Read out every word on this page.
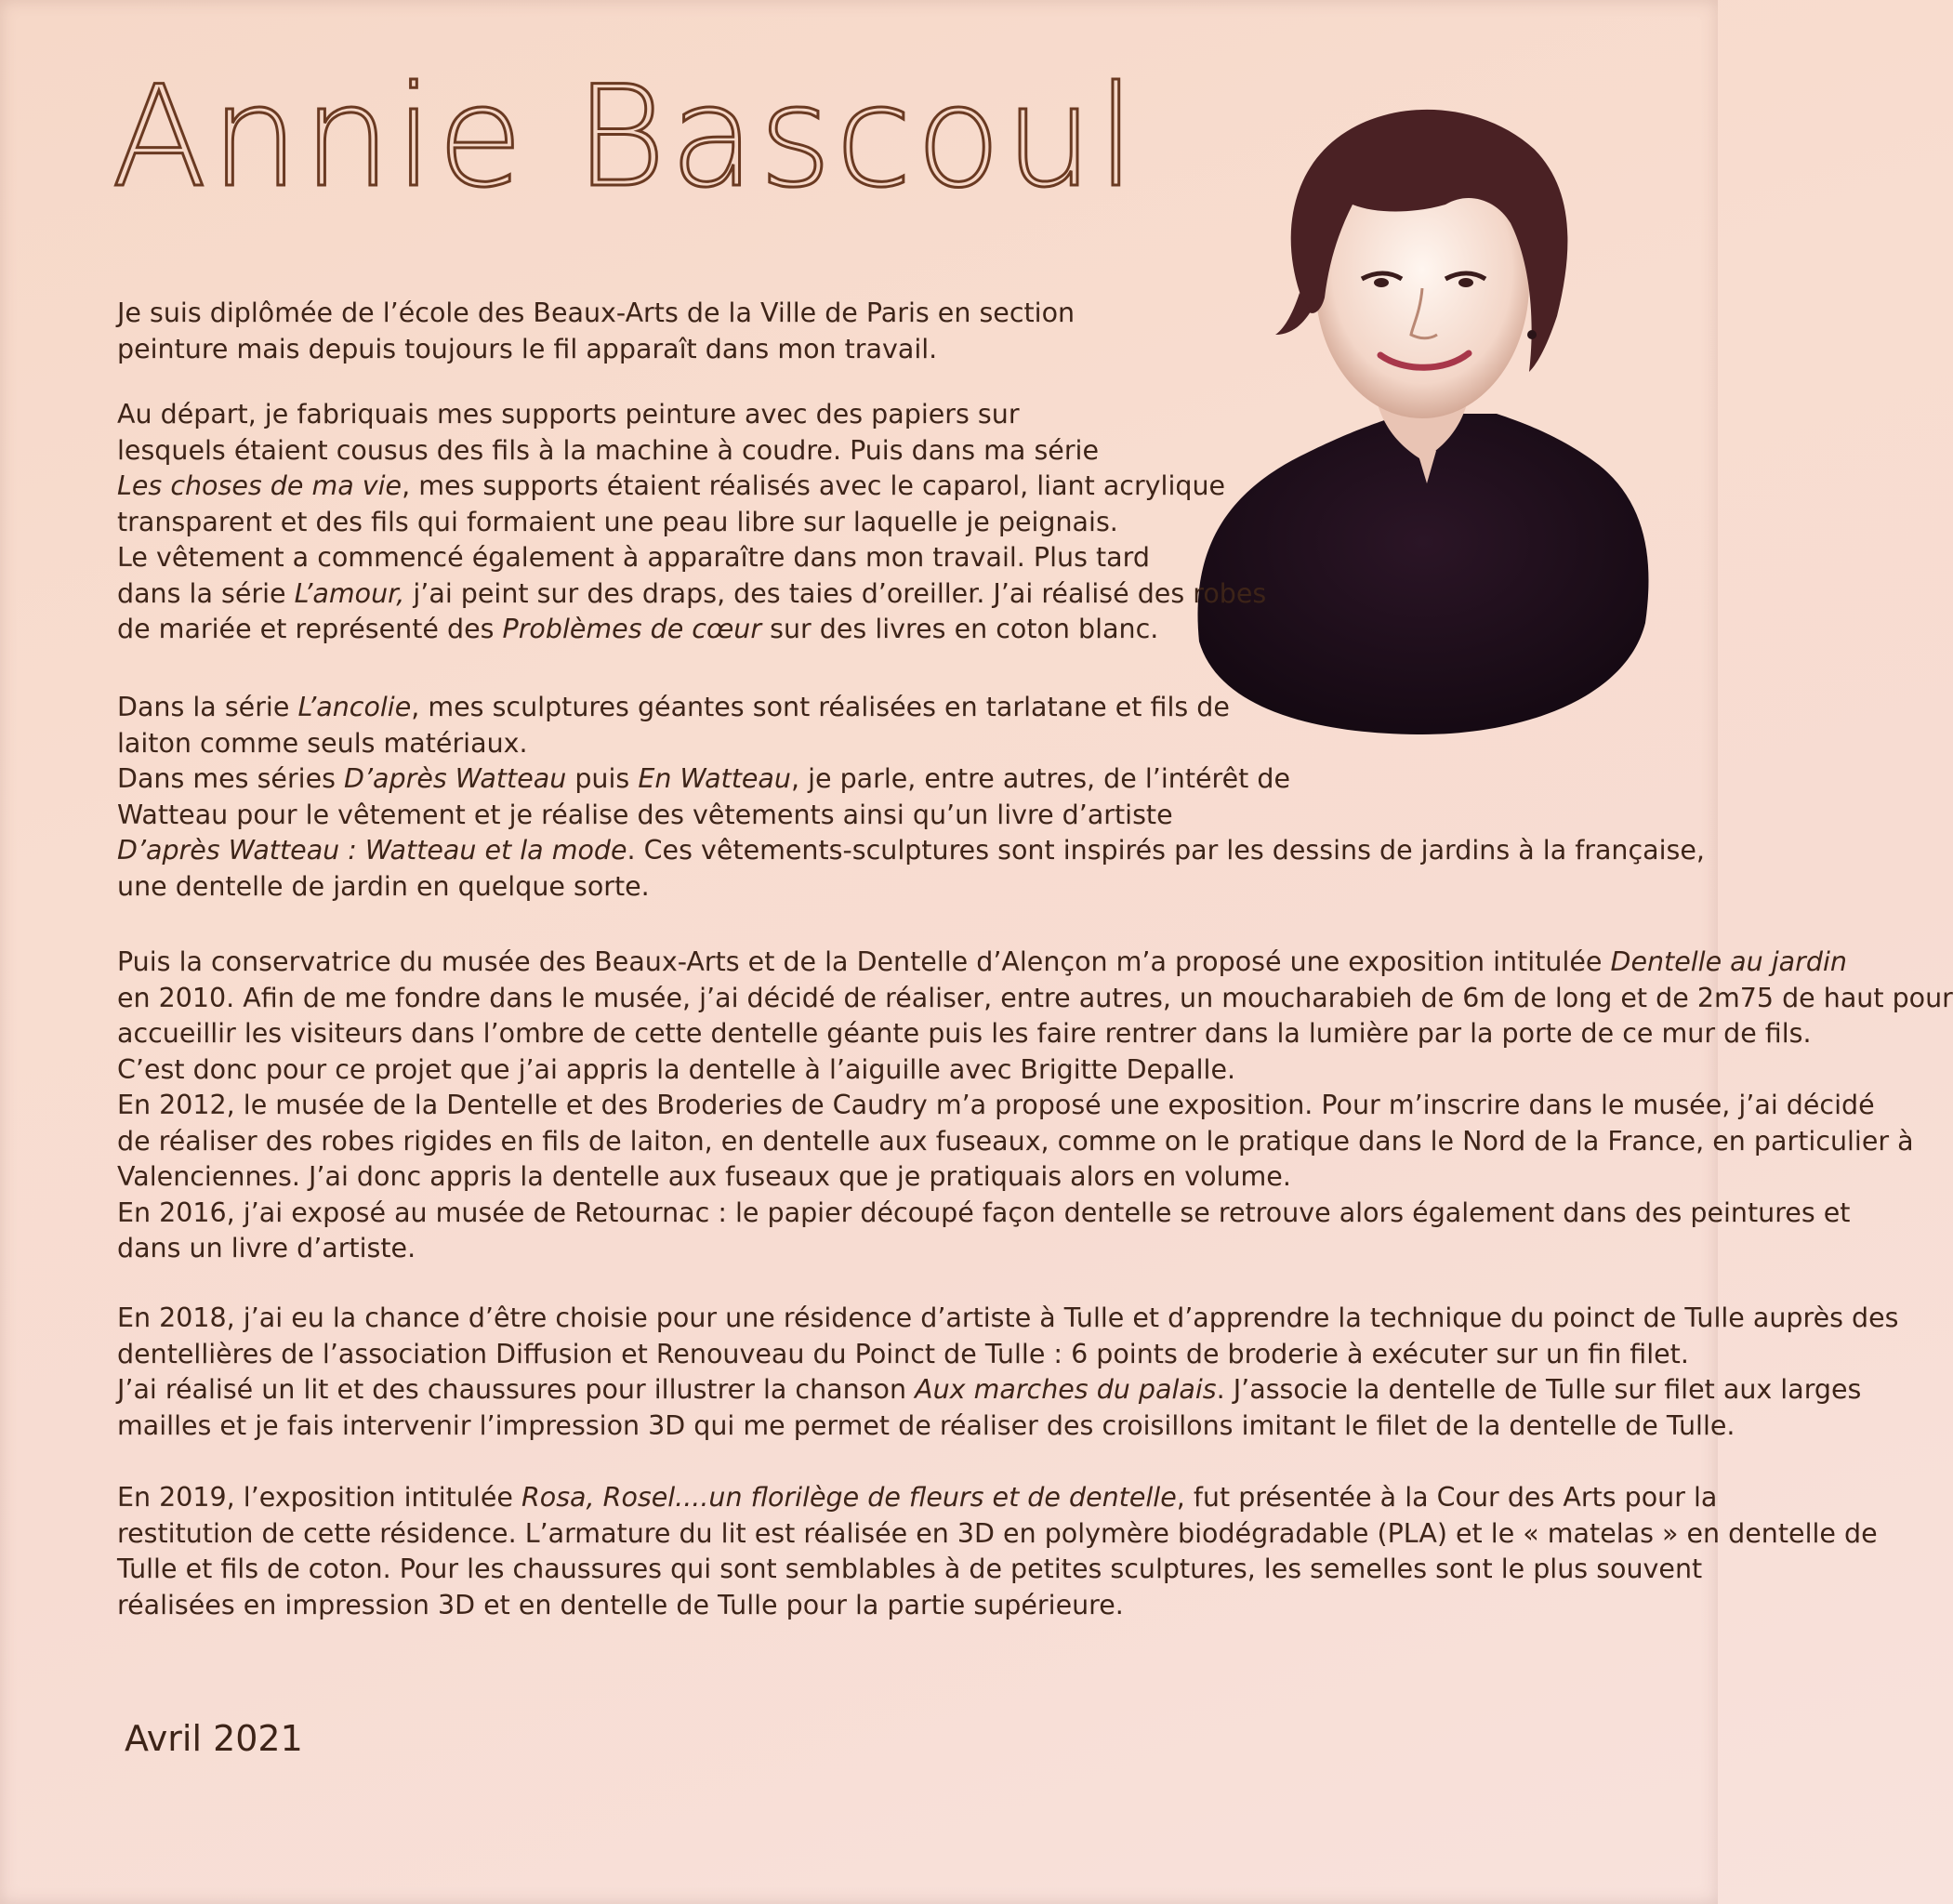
Annie Bascoul
Je suis diplômée de l’école des Beaux-Arts de la Ville de Paris en section
peinture mais depuis toujours le fil apparaît dans mon travail.
Au départ, je fabriquais mes supports peinture avec des papiers sur
lesquels étaient cousus des fils à la machine à coudre. Puis dans ma série
Les choses de ma vie, mes supports étaient réalisés avec le caparol, liant acrylique
transparent et des fils qui formaient une peau libre sur laquelle je peignais.
Le vêtement a commencé également à apparaître dans mon travail. Plus tard
dans la série L’amour, j’ai peint sur des draps, des taies d’oreiller. J’ai réalisé des robes
de mariée et représenté des Problèmes de cœur sur des livres en coton blanc.
Dans la série L’ancolie, mes sculptures géantes sont réalisées en tarlatane et fils de
laiton comme seuls matériaux.
Dans mes séries D’après Watteau puis En Watteau, je parle, entre autres, de l’intérêt de
Watteau pour le vêtement et je réalise des vêtements ainsi qu’un livre d’artiste
D’après Watteau : Watteau et la mode. Ces vêtements-sculptures sont inspirés par les dessins de jardins à la française,
une dentelle de jardin en quelque sorte.
Puis la conservatrice du musée des Beaux-Arts et de la Dentelle d’Alençon m’a proposé une exposition intitulée Dentelle au jardin
en 2010. Afin de me fondre dans le musée, j’ai décidé de réaliser, entre autres, un moucharabieh de 6m de long et de 2m75 de haut pour
accueillir les visiteurs dans l’ombre de cette dentelle géante puis les faire rentrer dans la lumière par la porte de ce mur de fils.
C’est donc pour ce projet que j’ai appris la dentelle à l’aiguille avec Brigitte Depalle.
En 2012, le musée de la Dentelle et des Broderies de Caudry m’a proposé une exposition. Pour m’inscrire dans le musée, j’ai décidé
de réaliser des robes rigides en fils de laiton, en dentelle aux fuseaux, comme on le pratique dans le Nord de la France, en particulier à
Valenciennes. J’ai donc appris la dentelle aux fuseaux que je pratiquais alors en volume.
En 2016, j’ai exposé au musée de Retournac : le papier découpé façon dentelle se retrouve alors également dans des peintures et
dans un livre d’artiste.
En 2018, j’ai eu la chance d’être choisie pour une résidence d’artiste à Tulle et d’apprendre la technique du poinct de Tulle auprès des
dentellières de l’association Diffusion et Renouveau du Poinct de Tulle : 6 points de broderie à exécuter sur un fin filet.
J’ai réalisé un lit et des chaussures pour illustrer la chanson Aux marches du palais. J’associe la dentelle de Tulle sur filet aux larges
mailles et je fais intervenir l’impression 3D qui me permet de réaliser des croisillons imitant le filet de la dentelle de Tulle.
En 2019, l’exposition intitulée Rosa, Rosel....un florilège de fleurs et de dentelle, fut présentée à la Cour des Arts pour la
restitution de cette résidence. L’armature du lit est réalisée en 3D en polymère biodégradable (PLA) et le « matelas » en dentelle de
Tulle et fils de coton. Pour les chaussures qui sont semblables à de petites sculptures, les semelles sont le plus souvent
réalisées en impression 3D et en dentelle de Tulle pour la partie supérieure.
Avril 2021
